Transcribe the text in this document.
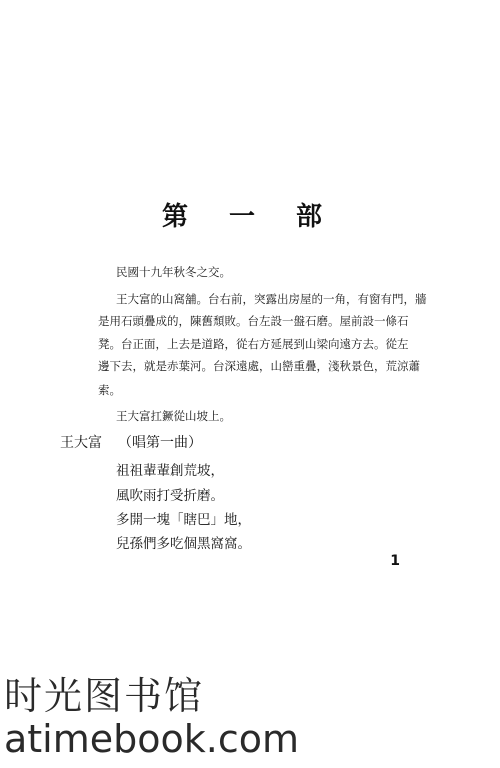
第 一 部
民國十九年秋冬之交。
王大富的山窩舖。台右前，突露出房屋的一角，有窗有門，牆
是用石頭疊成的，陳舊頹敗。台左設一盤石磨。屋前設一條石
凳。台正面，上去是道路，從右方延展到山梁向遠方去。從左
邊下去，就是赤葉河。台深遠處，山巒重疊，淺秋景色，荒涼蕭
索。
王大富扛鐝從山坡上。
王大富 （唱第一曲）
祖祖輩輩創荒坡，
風吹雨打受折磨。
多開一塊「瞎巴」地，
兒孫們多吃個黑窩窩。
1
时光图书馆
atimebook.com
